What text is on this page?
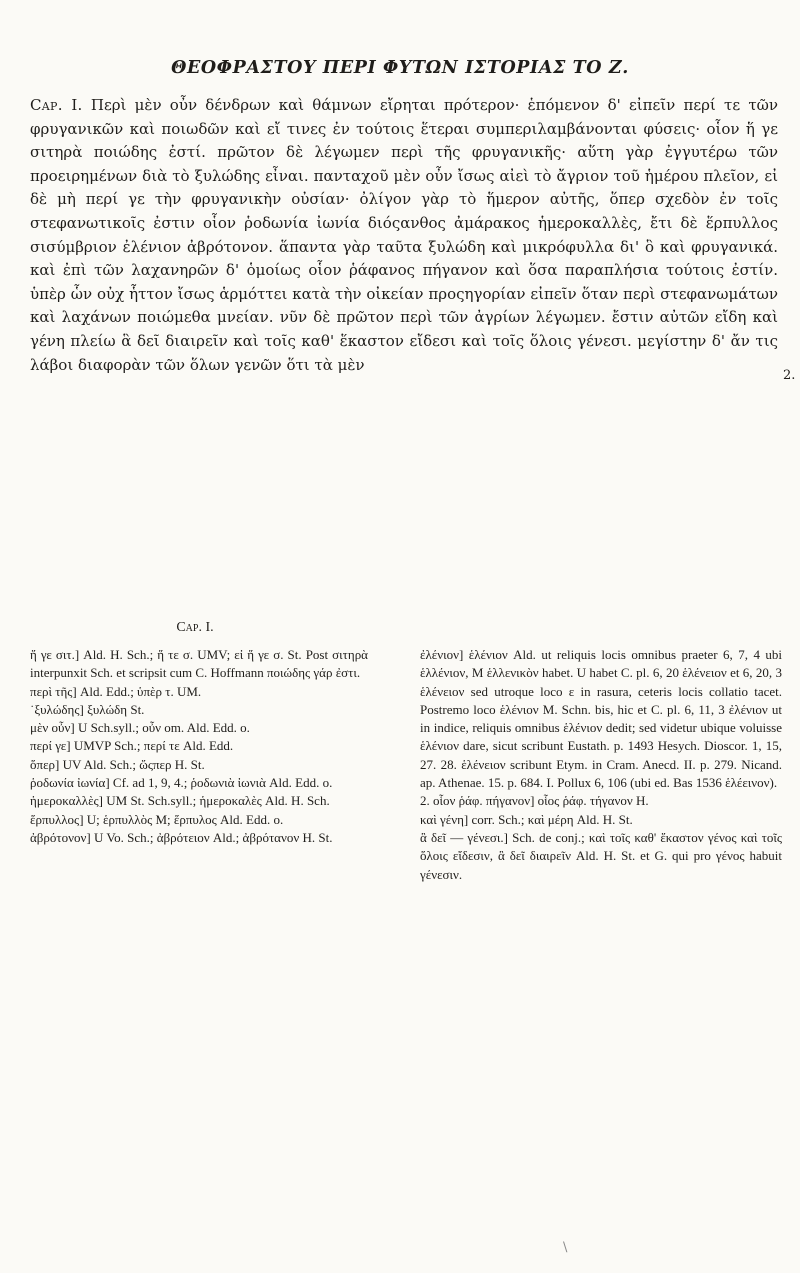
ΘΕΟΦΡΑΣΤΟΥ ΠΕΡΙ ΦΥΤΩΝ ΙΣΤΟΡΙΑΣ ΤΟ Ζ.

Cap. I. Περὶ μὲν οὖν δένδρων καὶ θάμνων εἴρηται πρότερον· ἑπόμενον δ' εἰπεῖν περί τε τῶν φρυγανικῶν καὶ ποιωδῶν καὶ εἴ τινες ἐν τούτοις ἕτεραι συμπεριλαμβάνονται φύσεις· οἷον ἥ γε σιτηρὰ ποιώδης ἐστί. πρῶτον δὲ λέγωμεν περὶ τῆς φρυγανικῆς· αὕτη γὰρ ἐγγυτέρω τῶν προειρημένων διὰ τὸ ξυλώδης εἶναι. πανταχοῦ μὲν οὖν ἴσως αἰεὶ τὸ ἄγριον τοῦ ἡμέρου πλεῖον, εἰ δὲ μὴ περί γε τὴν φρυγανικὴν οὐσίαν· ὀλίγον γὰρ τὸ ἥμερον αὐτῆς, ὅπερ σχεδὸν ἐν τοῖς στεφανωτικοῖς ἐστιν οἷον ῥοδωνία ἰωνία διόςανθος ἀμάρακος ἡμεροκαλλὲς, ἔτι δὲ ἕρπυλλος σισύμβριον ἐλένιον ἀβρότονον. ἅπαντα γὰρ ταῦτα ξυλώδη καὶ μικρόφυλλα δι' ὃ καὶ φρυγανικά. καὶ ἐπὶ τῶν λαχανηρῶν δ' ὁμοίως οἷον ῥάφανος πήγανον καὶ ὅσα παραπλήσια τούτοις ἐστίν. ὑπὲρ ὧν οὐχ ἧττον ἴσως ἁρμόττει κατὰ τὴν οἰκείαν προςηγορίαν εἰπεῖν ὅταν περὶ στεφανωμάτων καὶ λαχάνων ποιώμεθα μνείαν. νῦν δὲ πρῶτον περὶ τῶν ἀγρίων λέγωμεν. ἔστιν αὐτῶν εἴδη καὶ γένη πλείω ἃ δεῖ διαιρεῖν καὶ τοῖς καθ' ἕκαστον εἴδεσι καὶ τοῖς ὅλοις γένεσι. μεγίστην δ' ἄν τις λάβοι διαφορὰν τῶν ὅλων γενῶν ὅτι τὰ μὲν

2.
Cap. I.

ἥ γε σιτ.] Ald. H. Sch.; ἥ τε σ. UMV; εἰ ἥ γε σ. St. Post σιτηρὰ interpunxit Sch. et scripsit cum C. Hoffmann ποιώδης γάρ ἐστι.

περὶ τῆς] Ald. Edd.; ὑπὲρ τ. UM.

˙ξυλώδης] ξυλώδη St.

μὲν οὖν] U Sch.syll.; οὖν om. Ald. Edd. o.

περί γε] UMVP Sch.; περί τε Ald. Edd.

ὅπερ] UV Ald. Sch.; ὥςπερ H. St.

ῥοδωνία ἰωνία] Cf. ad 1, 9, 4.; ῥοδωνιὰ ἰωνιὰ Ald. Edd. o.

ἡμεροκαλλὲς] UM St. Sch.syll.; ἡμεροκαλὲς Ald. H. Sch.

ἕρπυλλος] U; ἑρπυλλὸς M; ἕρπυλος Ald. Edd. o.

ἀβρότονον] U Vo. Sch.; ἀβρότειον Ald.; ἀβρότανον H. St.

ἐλένιον] ἑλένιον Ald. ut reliquis locis omnibus praeter 6, 7, 4 ubi ἑλλένιον, M ἑλλενικὸν habet. U habet C. pl. 6, 20 ἑλένειον et 6, 20, 3 ἑλένειον sed utroque loco ε in rasura, ceteris locis collatio tacet. Postremo loco ἑλένιον M. Schn. bis, hic et C. pl. 6, 11, 3 ἐλένιον ut in indice, reliquis omnibus ἑλένιον dedit; sed videtur ubique voluisse ἑλένιον dare, sicut scribunt Eustath. p. 1493 Hesych. Dioscor. 1, 15, 27. 28. ἑλένειον scribunt Etym. in Cram. Anecd. II. p. 279. Nicand. ap. Athenae. 15. p. 684. I. Pollux 6, 106 (ubi ed. Bas 1536 ἑλέεινον).

2. οἷον ῥάφ. πήγανον] οἷος ῥάφ. τήγανον H.

καὶ γένη] corr. Sch.; καὶ μέρη Ald. H. St.

ἃ δεῖ — γένεσι.] Sch. de conj.; καὶ τοῖς καθ' ἕκαστον γένος καὶ τοῖς ὅλοις εἴδεσιν, ἃ δεῖ διαιρεῖν Ald. H. St. et G. qui pro γένος habuit γένεσιν.

\
